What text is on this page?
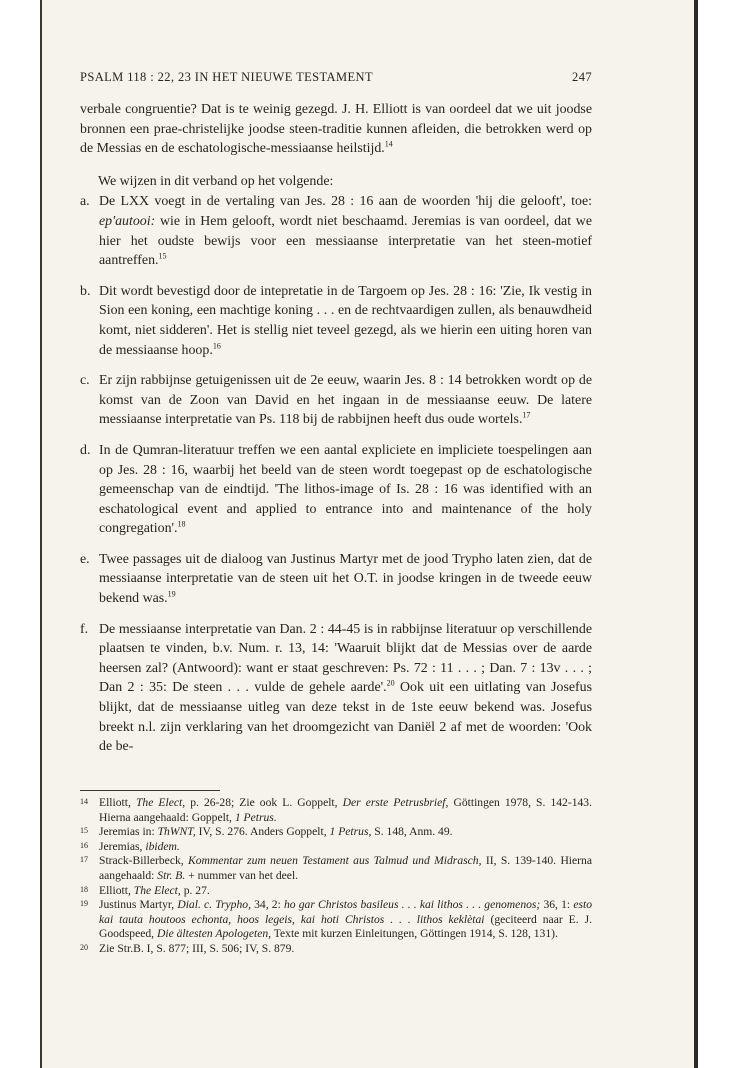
PSALM 118 : 22, 23 IN HET NIEUWE TESTAMENT	247

verbale congruentie? Dat is te weinig gezegd. J. H. Elliott is van oordeel dat we uit joodse bronnen een prae-christelijke joodse steen-traditie kunnen afleiden, die betrokken werd op de Messias en de eschatologische-messiaanse heilstijd.$^{14}$

We wijzen in dit verband op het volgende:

a. De LXX voegt in de vertaling van Jes. 28 : 16 aan de woorden 'hij die gelooft', toe: ep'autooi: wie in Hem gelooft, wordt niet beschaamd. Jeremias is van oordeel, dat we hier het oudste bewijs voor een messiaanse interpretatie van het steen-motief aantreffen.$^{15}$
b. Dit wordt bevestigd door de intepretatie in de Targoem op Jes. 28 : 16: 'Zie, Ik vestig in Sion een koning, een machtige koning . . . en de rechtvaardigen zullen, als benauwdheid komt, niet sidderen'. Het is stellig niet teveel gezegd, als we hierin een uiting horen van de messiaanse hoop.$^{16}$
c. Er zijn rabbijnse getuigenissen uit de 2e eeuw, waarin Jes. 8 : 14 betrokken wordt op de komst van de Zoon van David en het ingaan in de messiaanse eeuw. De latere messiaanse interpretatie van Ps. 118 bij de rabbijnen heeft dus oude wortels.$^{17}$
d. In de Qumran-literatuur treffen we een aantal expliciete en impliciete toespelingen aan op Jes. 28 : 16, waarbij het beeld van de steen wordt toegepast op de eschatologische gemeenschap van de eindtijd. 'The lithos-image of Is. 28 : 16 was identified with an eschatological event and applied to entrance into and maintenance of the holy congregation'.$^{18}$
e. Twee passages uit de dialoog van Justinus Martyr met de jood Trypho laten zien, dat de messiaanse interpretatie van de steen uit het O.T. in joodse kringen in de tweede eeuw bekend was.$^{19}$
f. De messiaanse interpretatie van Dan. 2 : 44-45 is in rabbijnse literatuur op verschillende plaatsen te vinden, b.v. Num. r. 13, 14: 'Waaruit blijkt dat de Messias over de aarde heersen zal? (Antwoord): want er staat geschreven: Ps. 72 : 11 . . . ; Dan. 7 : 13v . . . ; Dan 2 : 35: De steen . . . vulde de gehele aarde'.$^{20}$ Ook uit een uitlating van Josefus blijkt, dat de messiaanse uitleg van deze tekst in de 1ste eeuw bekend was. Josefus breekt n.l. zijn verklaring van het droomgezicht van Daniël 2 af met de woorden: 'Ook de be-
14 Elliott, The Elect, p. 26-28; Zie ook L. Goppelt, Der erste Petrusbrief, Göttingen 1978, S. 142-143. Hierna aangehaald: Goppelt, 1 Petrus.
15 Jeremias in: ThWNT, IV, S. 276. Anders Goppelt, 1 Petrus, S. 148, Anm. 49.
16 Jeremias, ibidem.
17 Strack-Billerbeck, Kommentar zum neuen Testament aus Talmud und Midrasch, II, S. 139-140. Hierna aangehaald: Str. B. + nummer van het deel.
18 Elliott, The Elect, p. 27.
19 Justinus Martyr, Dial. c. Trypho, 34, 2: ho gar Christos basileus . . . kai lithos . . . genomenos; 36, 1: esto kai tauta houtoos echonta, hoos legeis, kai hoti Christos . . . lithos keklètai (geciteerd naar E. J. Goodspeed, Die ältesten Apologeten, Texte mit kurzen Einleitungen, Göttingen 1914, S. 128, 131).
20 Zie Str.B. I, S. 877; III, S. 506; IV, S. 879.
